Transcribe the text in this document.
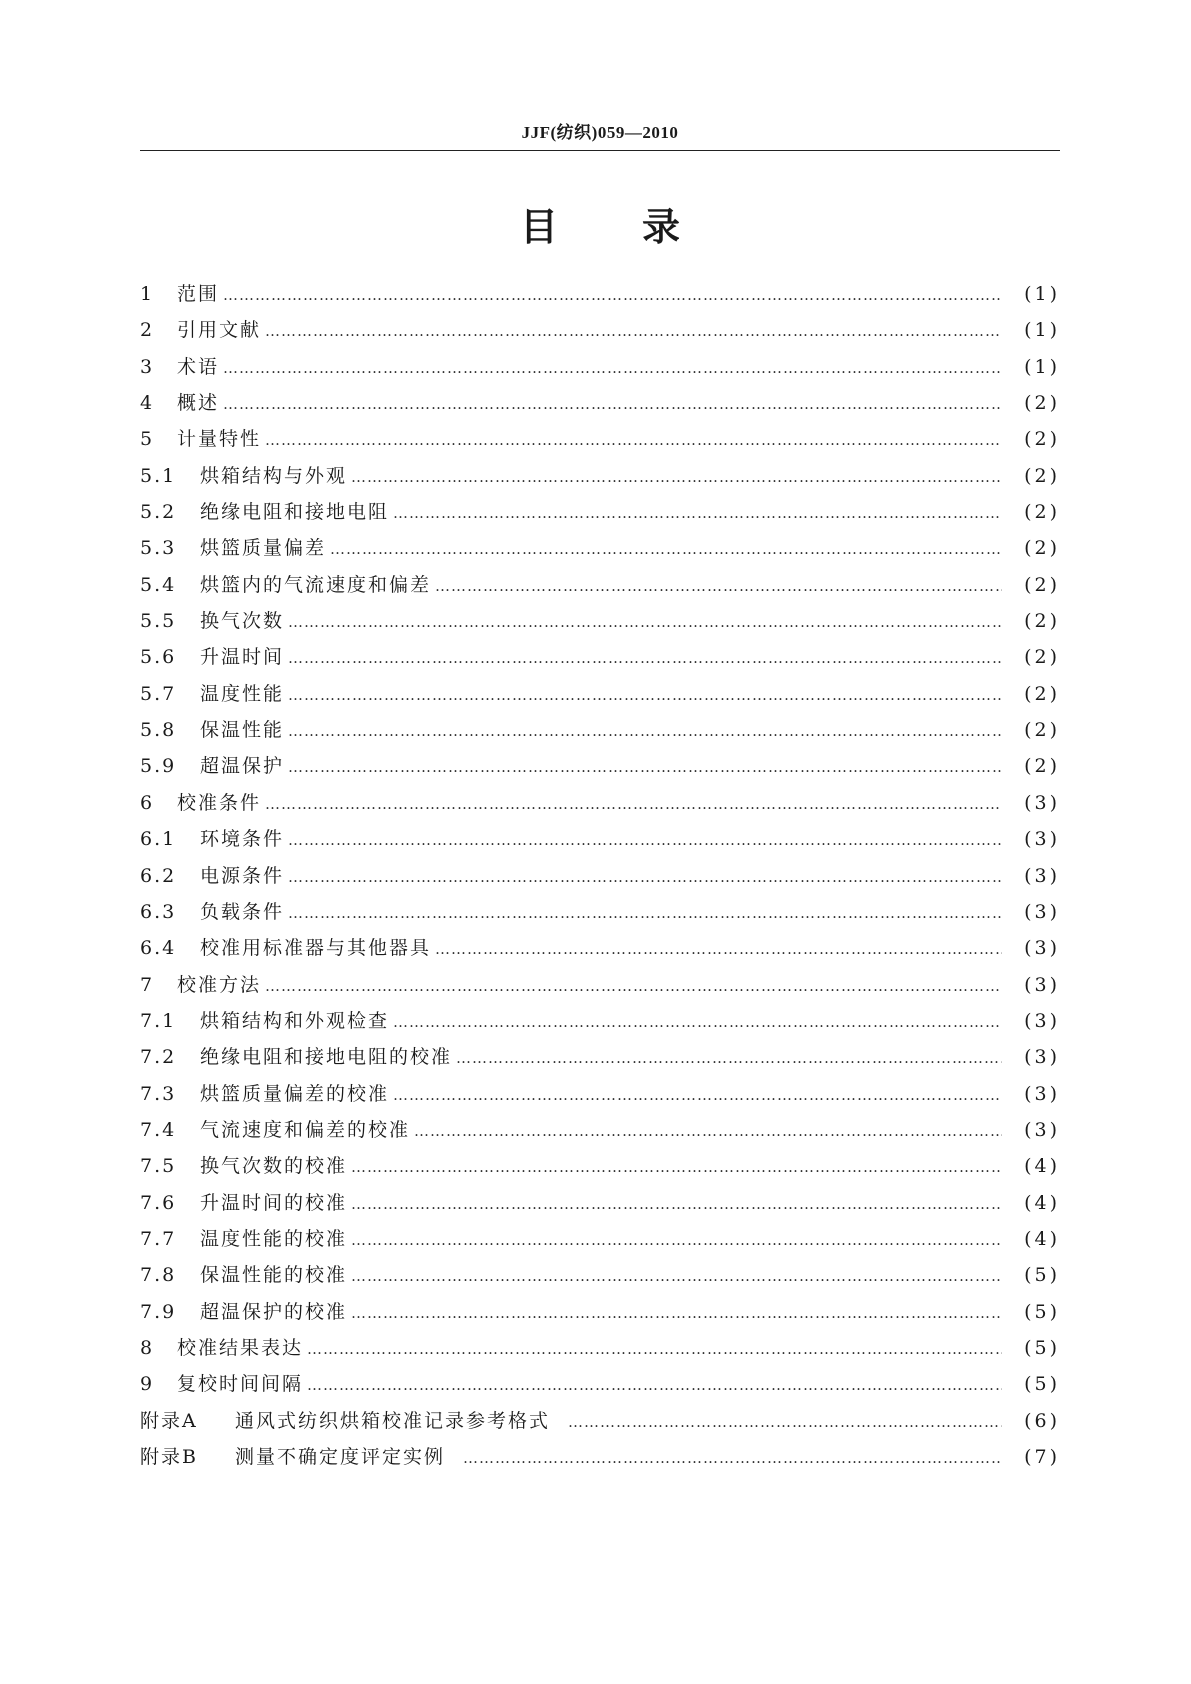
JJF(纺织)059—2010
目录
1	范围 ……………………………………………………………………………………………………………………………………………………………………………………………………………………	(1)
2	引用文献 ……………………………………………………………………………………………………………………………………………………………………………………………………………………	(1)
3	术语 ……………………………………………………………………………………………………………………………………………………………………………………………………………………	(1)
4	概述 ……………………………………………………………………………………………………………………………………………………………………………………………………………………	(2)
5	计量特性 ……………………………………………………………………………………………………………………………………………………………………………………………………………………	(2)
5.1	烘箱结构与外观 ……………………………………………………………………………………………………………………………………………………………………………………………………………………	(2)
5.2	绝缘电阻和接地电阻 ……………………………………………………………………………………………………………………………………………………………………………………………………………………	(2)
5.3	烘篮质量偏差 ……………………………………………………………………………………………………………………………………………………………………………………………………………………	(2)
5.4	烘篮内的气流速度和偏差 ……………………………………………………………………………………………………………………………………………………………………………………………………………………	(2)
5.5	换气次数 ……………………………………………………………………………………………………………………………………………………………………………………………………………………	(2)
5.6	升温时间 ……………………………………………………………………………………………………………………………………………………………………………………………………………………	(2)
5.7	温度性能 ……………………………………………………………………………………………………………………………………………………………………………………………………………………	(2)
5.8	保温性能 ……………………………………………………………………………………………………………………………………………………………………………………………………………………	(2)
5.9	超温保护 ……………………………………………………………………………………………………………………………………………………………………………………………………………………	(2)
6	校准条件 ……………………………………………………………………………………………………………………………………………………………………………………………………………………	(3)
6.1	环境条件 ……………………………………………………………………………………………………………………………………………………………………………………………………………………	(3)
6.2	电源条件 ……………………………………………………………………………………………………………………………………………………………………………………………………………………	(3)
6.3	负载条件 ……………………………………………………………………………………………………………………………………………………………………………………………………………………	(3)
6.4	校准用标准器与其他器具 ……………………………………………………………………………………………………………………………………………………………………………………………………………………	(3)
7	校准方法 ……………………………………………………………………………………………………………………………………………………………………………………………………………………	(3)
7.1	烘箱结构和外观检查 ……………………………………………………………………………………………………………………………………………………………………………………………………………………	(3)
7.2	绝缘电阻和接地电阻的校准 ……………………………………………………………………………………………………………………………………………………………………………………………………………………	(3)
7.3	烘篮质量偏差的校准 ……………………………………………………………………………………………………………………………………………………………………………………………………………………	(3)
7.4	气流速度和偏差的校准 ……………………………………………………………………………………………………………………………………………………………………………………………………………………	(3)
7.5	换气次数的校准 ……………………………………………………………………………………………………………………………………………………………………………………………………………………	(4)
7.6	升温时间的校准 ……………………………………………………………………………………………………………………………………………………………………………………………………………………	(4)
7.7	温度性能的校准 ……………………………………………………………………………………………………………………………………………………………………………………………………………………	(4)
7.8	保温性能的校准 ……………………………………………………………………………………………………………………………………………………………………………………………………………………	(5)
7.9	超温保护的校准 ……………………………………………………………………………………………………………………………………………………………………………………………………………………	(5)
8	校准结果表达 ……………………………………………………………………………………………………………………………………………………………………………………………………………………	(5)
9	复校时间间隔 ……………………………………………………………………………………………………………………………………………………………………………………………………………………	(5)
附录A	通风式纺织烘箱校准记录参考格式 ……………………………………………………………………………………………………………………………………………………………………………………………………………………	(6)
附录B	测量不确定度评定实例 ……………………………………………………………………………………………………………………………………………………………………………………………………………………	(7)
